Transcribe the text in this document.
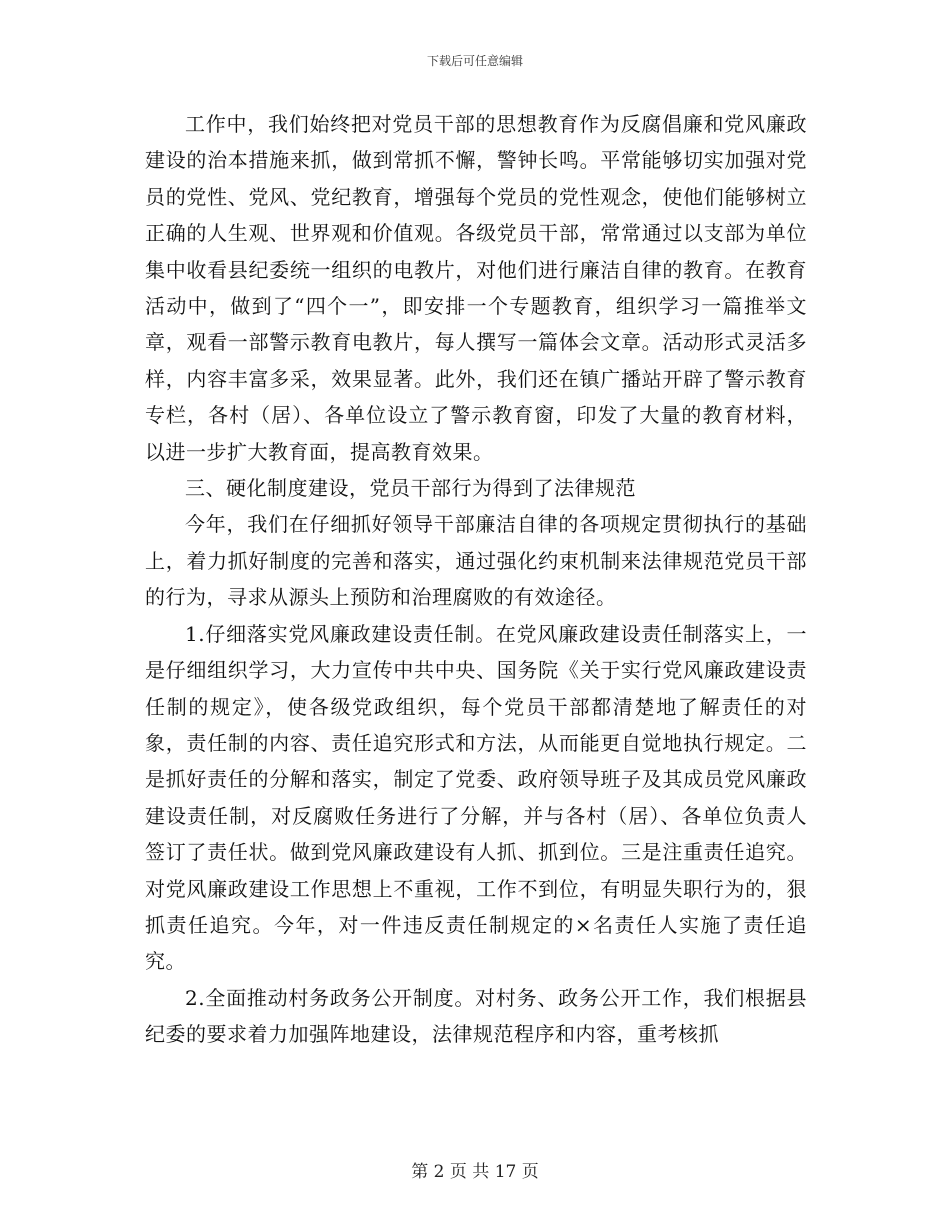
下载后可任意编辑

工作中，我们始终把对党员干部的思想教育作为反腐倡廉和党风廉政建设的治本措施来抓，做到常抓不懈，警钟长鸣。平常能够切实加强对党员的党性、党风、党纪教育，增强每个党员的党性观念，使他们能够树立正确的人生观、世界观和价值观。各级党员干部，常常通过以支部为单位集中收看县纪委统一组织的电教片，对他们进行廉洁自律的教育。在教育活动中，做到了“四个一”，即安排一个专题教育，组织学习一篇推举文章，观看一部警示教育电教片，每人撰写一篇体会文章。活动形式灵活多样，内容丰富多采，效果显著。此外，我们还在镇广播站开辟了警示教育专栏，各村（居）、各单位设立了警示教育窗，印发了大量的教育材料，以进一步扩大教育面，提高教育效果。

三、硬化制度建设，党员干部行为得到了法律规范

今年，我们在仔细抓好领导干部廉洁自律的各项规定贯彻执行的基础上，着力抓好制度的完善和落实，通过强化约束机制来法律规范党员干部的行为，寻求从源头上预防和治理腐败的有效途径。

1.仔细落实党风廉政建设责任制。在党风廉政建设责任制落实上，一是仔细组织学习，大力宣传中共中央、国务院《关于实行党风廉政建设责任制的规定》，使各级党政组织，每个党员干部都清楚地了解责任的对象，责任制的内容、责任追究形式和方法，从而能更自觉地执行规定。二是抓好责任的分解和落实，制定了党委、政府领导班子及其成员党风廉政建设责任制，对反腐败任务进行了分解，并与各村（居）、各单位负责人签订了责任状。做到党风廉政建设有人抓、抓到位。三是注重责任追究。对党风廉政建设工作思想上不重视，工作不到位，有明显失职行为的，狠抓责任追究。今年，对一件违反责任制规定的×名责任人实施了责任追究。

2.全面推动村务政务公开制度。对村务、政务公开工作，我们根据县纪委的要求着力加强阵地建设，法律规范程序和内容，重考核抓

第 2 页 共 17 页
